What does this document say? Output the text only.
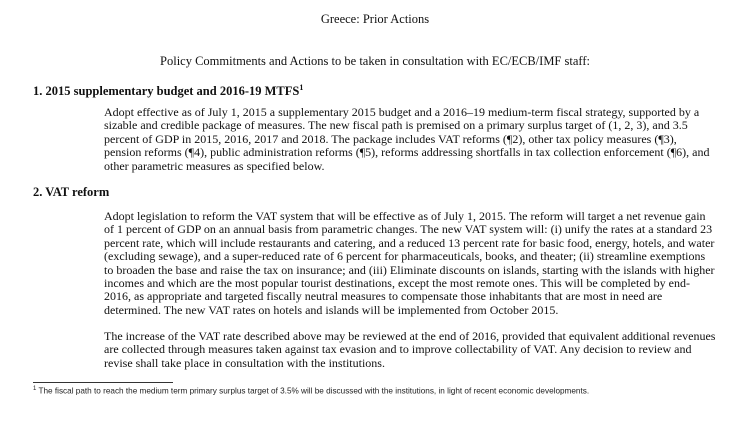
Greece: Prior Actions
Policy Commitments and Actions to be taken in consultation with EC/ECB/IMF staff:
1. 2015 supplementary budget and 2016-19 MTFS$^1$

Adopt effective as of July 1, 2015 a supplementary 2015 budget and a 2016–19 medium-term fiscal strategy, supported by a sizable and credible package of measures. The new fiscal path is premised on a primary surplus target of (1, 2, 3), and 3.5 percent of GDP in 2015, 2016, 2017 and 2018. The package includes VAT reforms (¶2), other tax policy measures (¶3), pension reforms (¶4), public administration reforms (¶5), reforms addressing shortfalls in tax collection enforcement (¶6), and other parametric measures as specified below.

2. VAT reform

Adopt legislation to reform the VAT system that will be effective as of July 1, 2015. The reform will target a net revenue gain of 1 percent of GDP on an annual basis from parametric changes. The new VAT system will: (i) unify the rates at a standard 23 percent rate, which will include restaurants and catering, and a reduced 13 percent rate for basic food, energy, hotels, and water (excluding sewage), and a super-reduced rate of 6 percent for pharmaceuticals, books, and theater; (ii) streamline exemptions to broaden the base and raise the tax on insurance; and (iii) Eliminate discounts on islands, starting with the islands with higher incomes and which are the most popular tourist destinations, except the most remote ones. This will be completed by end-2016, as appropriate and targeted fiscally neutral measures to compensate those inhabitants that are most in need are determined. The new VAT rates on hotels and islands will be implemented from October 2015.

The increase of the VAT rate described above may be reviewed at the end of 2016, provided that equivalent additional revenues are collected through measures taken against tax evasion and to improve collectability of VAT. Any decision to review and revise shall take place in consultation with the institutions.

$^1$ The fiscal path to reach the medium term primary surplus target of 3.5% will be discussed with the institutions, in light of recent economic developments.
